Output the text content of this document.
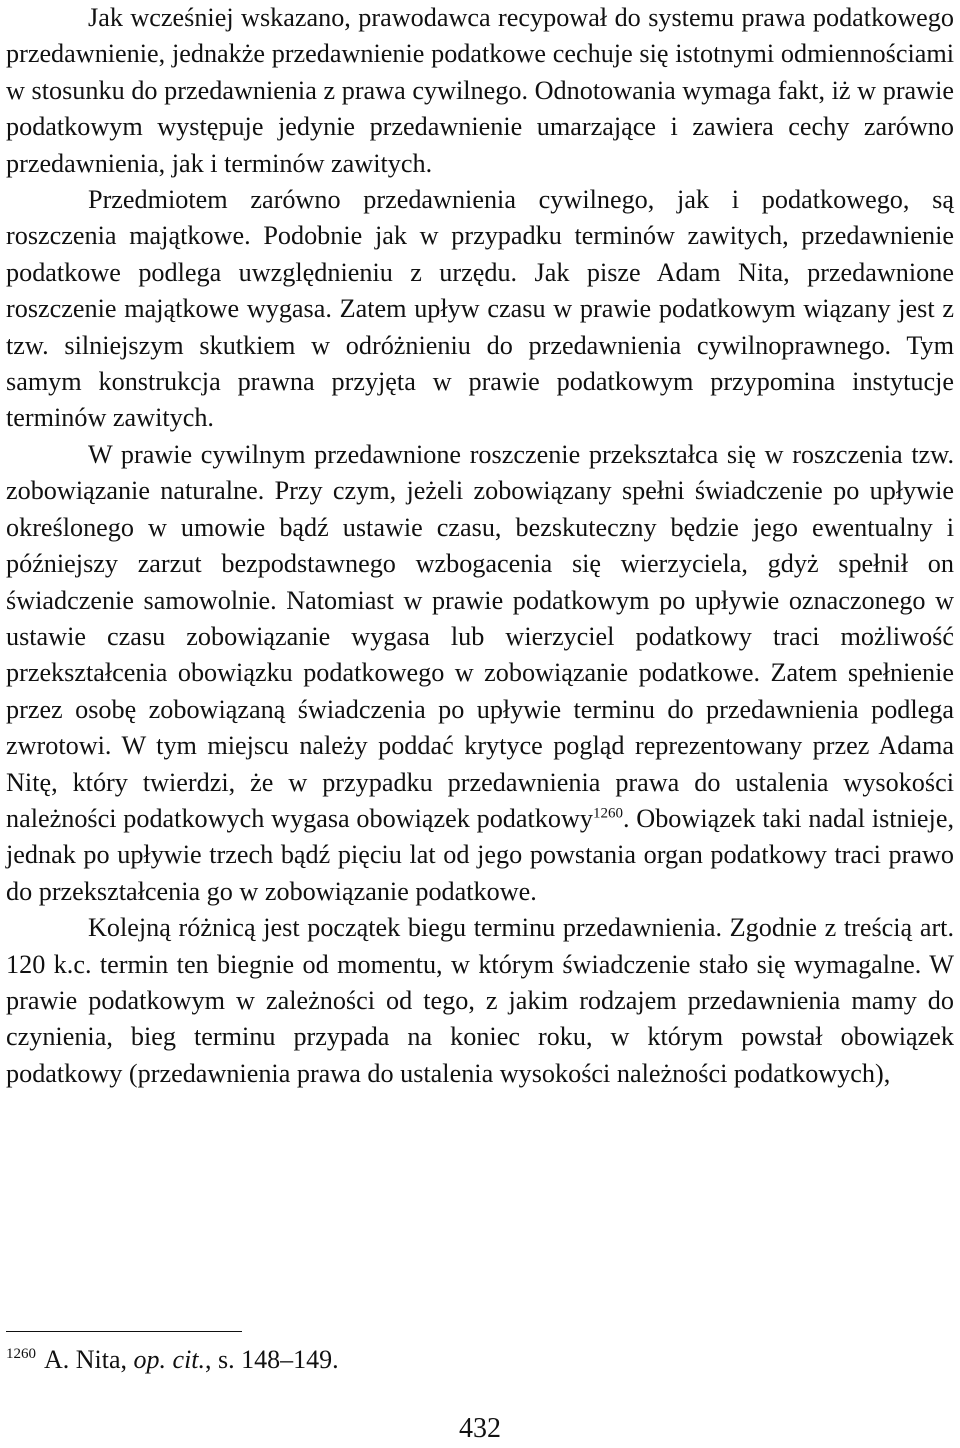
Jak wcześniej wskazano, prawodawca recypował do systemu prawa podatkowego przedawnienie, jednakże przedawnienie podatkowe cechuje się istotnymi odmiennościami w stosunku do przedawnienia z prawa cywilnego. Odnotowania wymaga fakt, iż w prawie podatkowym występuje jedynie przedawnienie umarzające i zawiera cechy zarówno przedawnienia, jak i terminów zawitych.

Przedmiotem zarówno przedawnienia cywilnego, jak i podatkowego, są roszczenia majątkowe. Podobnie jak w przypadku terminów zawitych, przedawnienie podatkowe podlega uwzględnieniu z urzędu. Jak pisze Adam Nita, przedawnione roszczenie majątkowe wygasa. Zatem upływ czasu w prawie podatkowym wiązany jest z tzw. silniejszym skutkiem w odróżnieniu do przedawnienia cywilnoprawnego. Tym samym konstrukcja prawna przyjęta w prawie podatkowym przypomina instytucje terminów zawitych.

W prawie cywilnym przedawnione roszczenie przekształca się w roszczenia tzw. zobowiązanie naturalne. Przy czym, jeżeli zobowiązany spełni świadczenie po upływie określonego w umowie bądź ustawie czasu, bezskuteczny będzie jego ewentualny i późniejszy zarzut bezpodstawnego wzbogacenia się wierzyciela, gdyż spełnił on świadczenie samowolnie. Natomiast w prawie podatkowym po upływie oznaczonego w ustawie czasu zobowiązanie wygasa lub wierzyciel podatkowy traci możliwość przekształcenia obowiązku podatkowego w zobowiązanie podatkowe. Zatem spełnienie przez osobę zobowiązaną świadczenia po upływie terminu do przedawnienia podlega zwrotowi. W tym miejscu należy poddać krytyce pogląd reprezentowany przez Adama Nitę, który twierdzi, że w przypadku przedawnienia prawa do ustalenia wysokości należności podatkowych wygasa obowiązek podatkowy$^{1260}$. Obowiązek taki nadal istnieje, jednak po upływie trzech bądź pięciu lat od jego powstania organ podatkowy traci prawo do przekształcenia go w zobowiązanie podatkowe.

Kolejną różnicą jest początek biegu terminu przedawnienia. Zgodnie z treścią art. 120 k.c. termin ten biegnie od momentu, w którym świadczenie stało się wymagalne. W prawie podatkowym w zależności od tego, z jakim rodzajem przedawnienia mamy do czynienia, bieg terminu przypada na koniec roku, w którym powstał obowiązek podatkowy (przedawnienia prawa do ustalenia wysokości należności podatkowych),

$^{1260}$ A. Nita, op. cit., s. 148–149.
432
